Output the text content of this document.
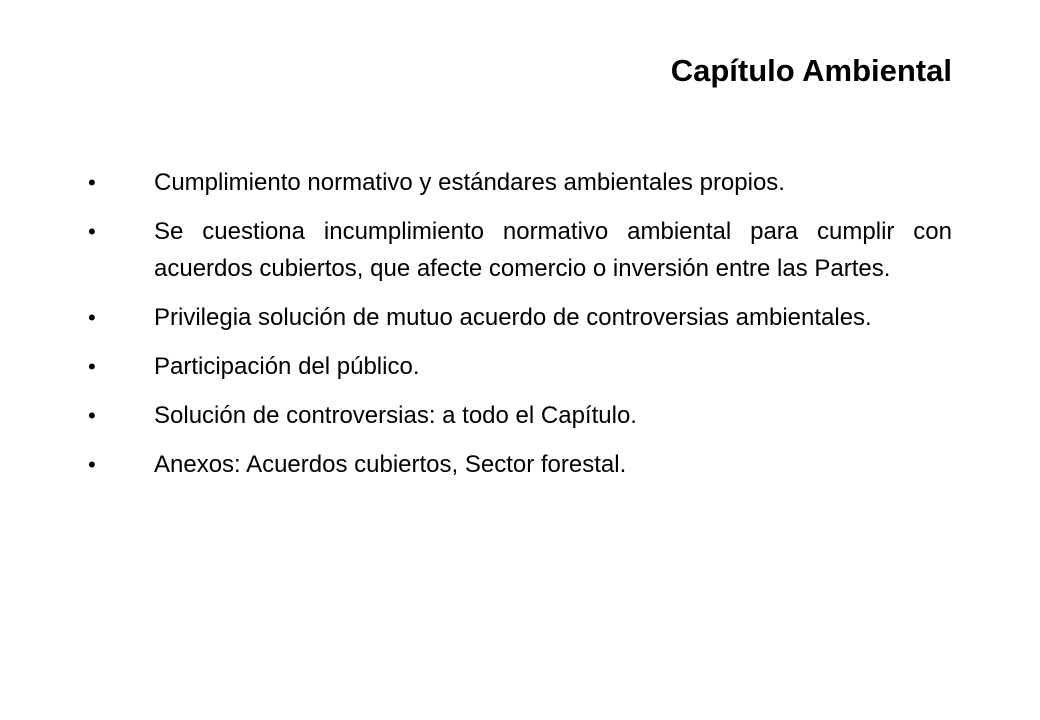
Capítulo Ambiental
•	Cumplimiento normativo y estándares ambientales propios.
•	Se cuestiona incumplimiento normativo ambiental para cumplir con acuerdos cubiertos, que afecte comercio o inversión entre las Partes.
•	Privilegia solución de mutuo acuerdo de controversias ambientales.
•	Participación del público.
•	Solución de controversias: a todo el Capítulo.
•	Anexos: Acuerdos cubiertos, Sector forestal.
